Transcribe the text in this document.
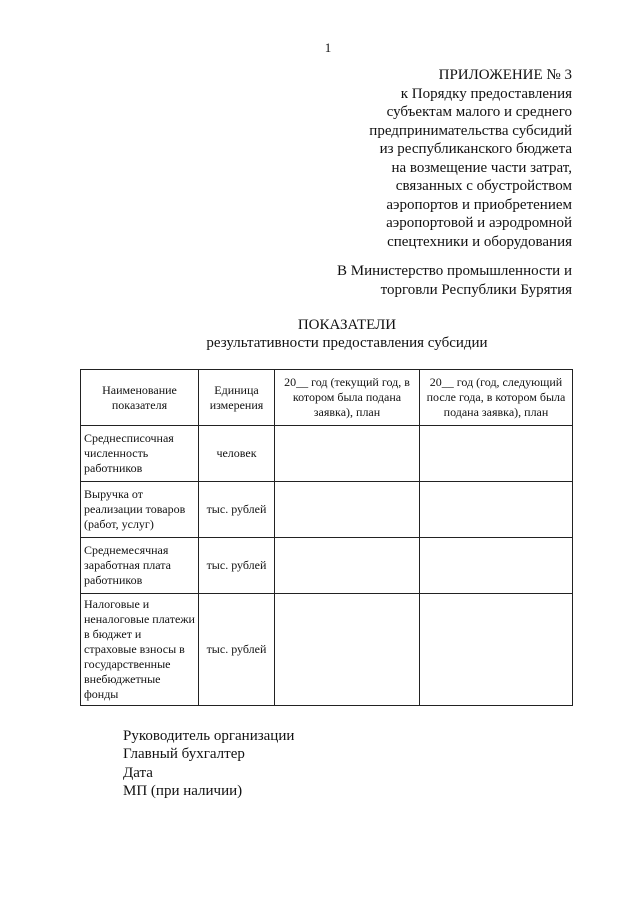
1
ПРИЛОЖЕНИЕ № 3
к Порядку предоставления
субъектам малого и среднего
предпринимательства субсидий
из республиканского бюджета
на возмещение части затрат,
связанных с обустройством
аэропортов и приобретением
аэропортовой и аэродромной
спецтехники и оборудования
В Министерство промышленности и
торговли Республики Бурятия
ПОКАЗАТЕЛИ
результативности предоставления субсидии
Наименование показателя	Единица измерения	20__ год (текущий год, в котором была подана заявка), план	20__ год (год, следующий после года, в котором была подана заявка), план
Среднесписочная численность работников	человек		
Выручка от реализации товаров (работ, услуг)	тыс. рублей		
Среднемесячная заработная плата работников	тыс. рублей		
Налоговые и неналоговые платежи в бюджет и страховые взносы в государственные внебюджетные фонды	тыс. рублей		
Руководитель организации
Главный бухгалтер
Дата
МП (при наличии)
